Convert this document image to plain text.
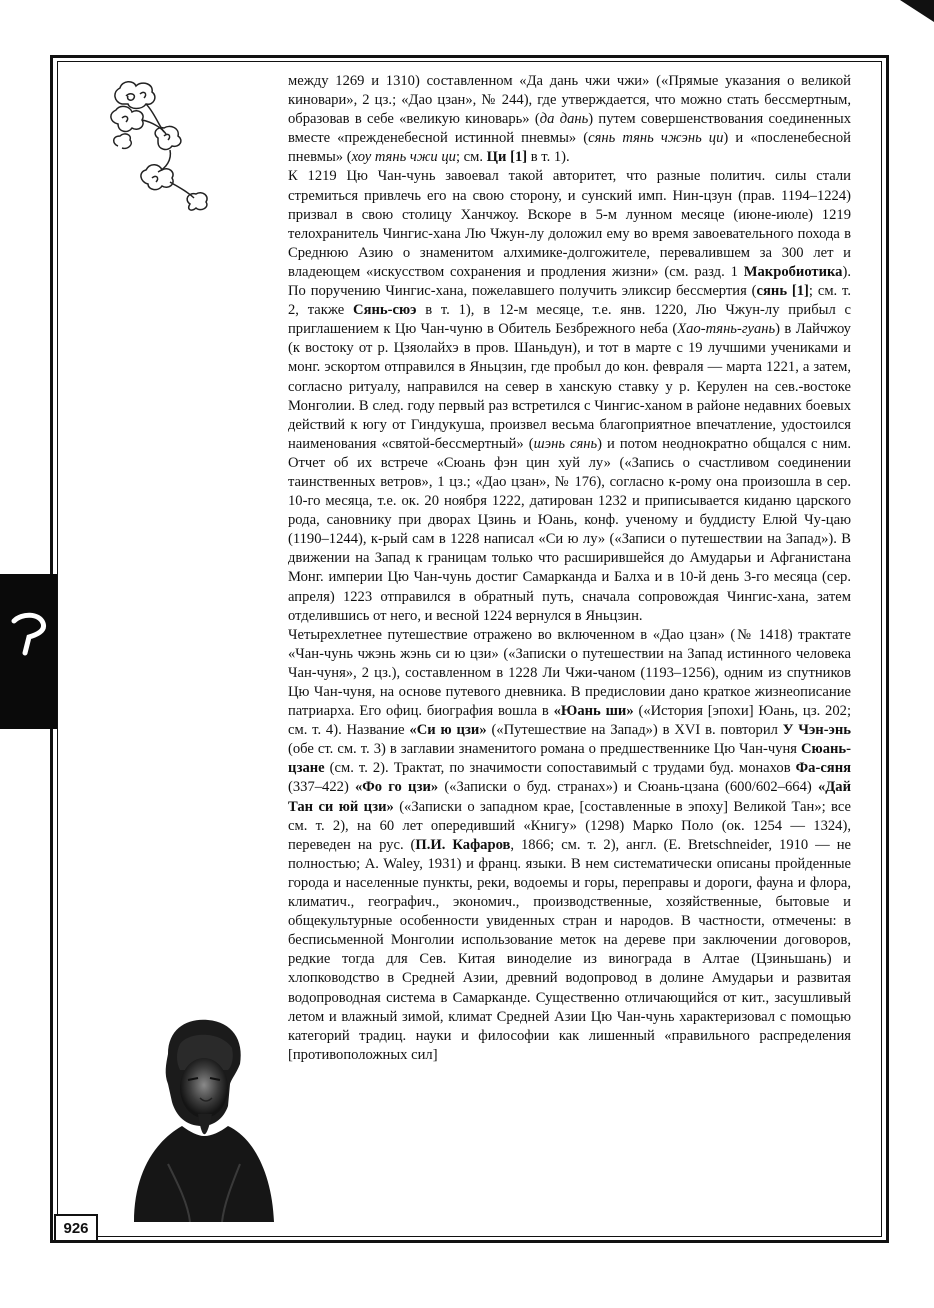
между 1269 и 1310) составленном «Да дань чжи чжи» («Прямые указания о великой киновари», 2 цз.; «Дао цзан», № 244), где утверждается, что можно стать бессмертным, образовав в себе «великую киноварь» (да дань) путем совершенствования соединенных вместе «прежденебесной истинной пневмы» (сянь тянь чжэнь ци) и «посленебесной пневмы» (хоу тянь чжи ци; см. Ци [1] в т. 1).

К 1219 Цю Чан-чунь завоевал такой авторитет, что разные политич. силы стали стремиться привлечь его на свою сторону, и сунский имп. Нин-цзун (прав. 1194–1224) призвал в свою столицу Ханчжоу. Вскоре в 5-м лунном месяце (июне-июле) 1219 телохранитель Чингис-хана Лю Чжун-лу доложил ему во время завоевательного похода в Среднюю Азию о знаменитом алхимике-долгожителе, перевалившем за 300 лет и владеющем «искусством сохранения и продления жизни» (см. разд. 1 Макробиотика). По поручению Чингис-хана, пожелавшего получить эликсир бессмертия (сянь [1]; см. т. 2, также Сянь-сюэ в т. 1), в 12-м месяце, т.е. янв. 1220, Лю Чжун-лу прибыл с приглашением к Цю Чан-чуню в Обитель Безбрежного неба (Хао-тянь-гуань) в Лайчжоу (к востоку от р. Цзяолайхэ в пров. Шаньдун), и тот в марте с 19 лучшими учениками и монг. эскортом отправился в Яньцзин, где пробыл до кон. февраля — марта 1221, а затем, согласно ритуалу, направился на север в ханскую ставку у р. Керулен на сев.-востоке Монголии. В след. году первый раз встретился с Чингис-ханом в районе недавних боевых действий к югу от Гиндукуша, произвел весьма благоприятное впечатление, удостоился наименования «святой-бессмертный» (шэнь сянь) и потом неоднократно общался с ним. Отчет об их встрече «Сюань фэн цин хуй лу» («Запись о счастливом соединении таинственных ветров», 1 цз.; «Дао цзан», № 176), согласно к-рому она произошла в сер. 10-го месяца, т.е. ок. 20 ноября 1222, датирован 1232 и приписывается киданю царского рода, сановнику при дворах Цзинь и Юань, конф. ученому и буддисту Елюй Чу-цаю (1190–1244), к-рый сам в 1228 написал «Си ю лу» («Записи о путешествии на Запад»). В движении на Запад к границам только что расширившейся до Амударьи и Афганистана Монг. империи Цю Чан-чунь достиг Самарканда и Балха и в 10-й день 3-го месяца (сер. апреля) 1223 отправился в обратный путь, сначала сопровождая Чингис-хана, затем отделившись от него, и весной 1224 вернулся в Яньцзин.

Четырехлетнее путешествие отражено во включенном в «Дао цзан» (№ 1418) трактате «Чан-чунь чжэнь жэнь си ю цзи» («Записки о путешествии на Запад истинного человека Чан-чуня», 2 цз.), составленном в 1228 Ли Чжи-чаном (1193–1256), одним из спутников Цю Чан-чуня, на основе путевого дневника. В предисловии дано краткое жизнеописание патриарха. Его офиц. биография вошла в «Юань ши» («История [эпохи] Юань, цз. 202; см. т. 4). Название «Си ю цзи» («Путешествие на Запад») в XVI в. повторил У Чэн-энь (обе ст. см. т. 3) в заглавии знаменитого романа о предшественнике Цю Чан-чуня Сюань-цзане (см. т. 2). Трактат, по значимости сопоставимый с трудами буд. монахов Фа-сяня (337–422) «Фо го цзи» («Записки о буд. странах») и Сюань-цзана (600/602–664) «Дай Тан си юй цзи» («Записки о западном крае, [составленные в эпоху] Великой Тан»; все см. т. 2), на 60 лет опередивший «Книгу» (1298) Марко Поло (ок. 1254 — 1324), переведен на рус. (П.И. Кафаров, 1866; см. т. 2), англ. (E. Bretschneider, 1910 — не полностью; A. Waley, 1931) и франц. языки. В нем систематически описаны пройденные города и населенные пункты, реки, водоемы и горы, переправы и дороги, фауна и флора, климатич., географич., экономич., производственные, хозяйственные, бытовые и общекультурные особенности увиденных стран и народов. В частности, отмечены: в бесписьменной Монголии использование меток на дереве при заключении договоров, редкие тогда для Сев. Китая виноделие из винограда в Алтае (Цзиньшань) и хлопководство в Средней Азии, древний водопровод в долине Амударьи и развитая водопроводная система в Самарканде. Существенно отличающийся от кит., засушливый летом и влажный зимой, климат Средней Азии Цю Чан-чунь характеризовал с помощью категорий традиц. науки и философии как лишенный «правильного распределения [противоположных сил]

926
